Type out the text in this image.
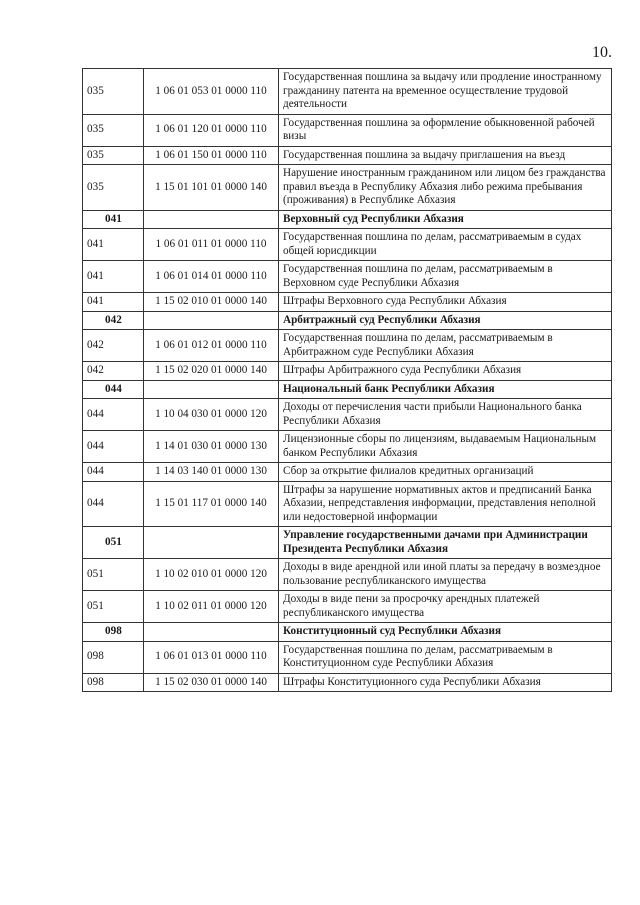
10.
035	1 06 01 053 01 0000 110	Государственная пошлина за выдачу или продление иностранному гражданину патента на временное осуществление трудовой деятельности
035	1 06 01 120 01 0000 110	Государственная пошлина за оформление обыкновенной рабочей визы
035	1 06 01 150 01 0000 110	Государственная пошлина за выдачу приглашения на въезд
035	1 15 01 101 01 0000 140	Нарушение иностранным гражданином или лицом без гражданства правил въезда в Республику Абхазия либо режима пребывания (проживания) в Республике Абхазия
041		Верховный суд Республики Абхазия
041	1 06 01 011 01 0000 110	Государственная пошлина по делам, рассматриваемым в судах общей юрисдикции
041	1 06 01 014 01 0000 110	Государственная пошлина по делам, рассматриваемым в Верховном суде Республики Абхазия
041	1 15 02 010 01 0000 140	Штрафы Верховного суда Республики Абхазия
042		Арбитражный суд Республики Абхазия
042	1 06 01 012 01 0000 110	Государственная пошлина по делам, рассматриваемым в Арбитражном суде Республики Абхазия
042	1 15 02 020 01 0000 140	Штрафы Арбитражного суда Республики Абхазия
044		Национальный банк Республики Абхазия
044	1 10 04 030 01 0000 120	Доходы от перечисления части прибыли Национального банка Республики Абхазия
044	1 14 01 030 01 0000 130	Лицензионные сборы по лицензиям, выдаваемым Национальным банком Республики Абхазия
044	1 14 03 140 01 0000 130	Сбор за открытие филиалов кредитных организаций
044	1 15 01 117 01 0000 140	Штрафы за нарушение нормативных актов и предписаний Банка Абхазии, непредставления информации, представления неполной или недостоверной информации
051		Управление государственными дачами при Администрации Президента Республики Абхазия
051	1 10 02 010 01 0000 120	Доходы в виде арендной или иной платы за передачу в возмездное пользование республиканского имущества
051	1 10 02 011 01 0000 120	Доходы в виде пени за просрочку арендных платежей республиканского имущества
098		Конституционный суд Республики Абхазия
098	1 06 01 013 01 0000 110	Государственная пошлина по делам, рассматриваемым в Конституционном суде Республики Абхазия
098	1 15 02 030 01 0000 140	Штрафы Конституционного суда Республики Абхазия
